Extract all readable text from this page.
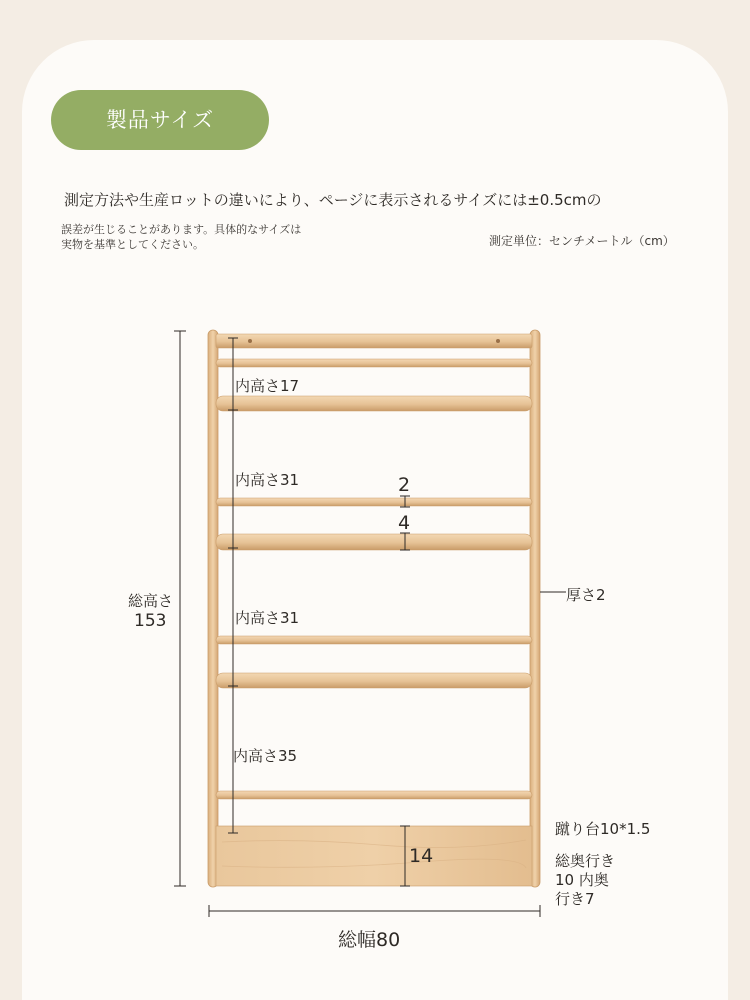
製品サイズ
測定方法や生産ロットの違いにより、ページに表示されるサイズには±0.5cmの
誤差が生じることがあります。具体的なサイズは
実物を基準としてください。	測定単位：センチメートル（cm）
内高さ17
内高さ31
内高さ31
内高さ35
2
4
総高さ
153
厚さ2
蹴り台10*1.5
14	総奥行き
10 内奥
行き7
総幅80
